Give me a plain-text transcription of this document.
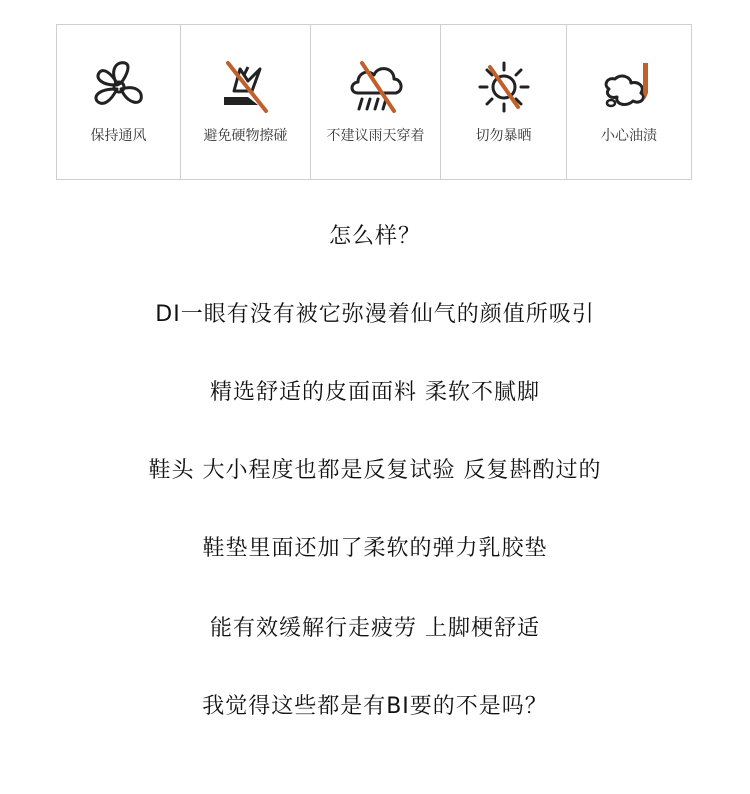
保持通风	避免硬物擦碰	不建议雨天穿着	切勿暴晒	小心油渍
怎么样？
DI一眼有没有被它弥漫着仙气的颜值所吸引
精选舒适的皮面面料 柔软不腻脚
鞋头 大小程度也都是反复试验 反复斟酌过的
鞋垫里面还加了柔软的弹力乳胶垫
能有效缓解行走疲劳 上脚梗舒适
我觉得这些都是有BI要的不是吗？
